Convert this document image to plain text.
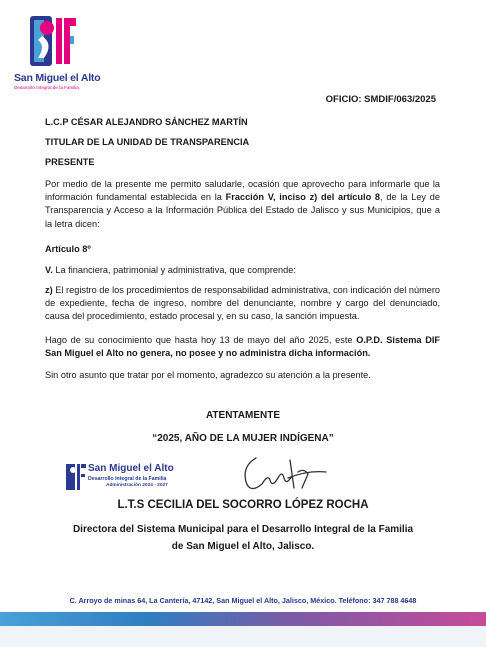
San Miguel el Alto
Desarrollo Integral de la Familia
OFICIO: SMDIF/063/2025
L.C.P CÉSAR ALEJANDRO SÁNCHEZ MARTÍN
TITULAR DE LA UNIDAD DE TRANSPARENCIA
PRESENTE

Por medio de la presente me permito saludarle, ocasión que aprovecho para informarle que la información fundamental establecida en la Fracción V, inciso z) del artículo 8, de la Ley de Transparencia y Acceso a la Información Pública del Estado de Jalisco y sus Municipios, que a la letra dicen:

Artículo 8º

V. La financiera, patrimonial y administrativa, que comprende:

z) El registro de los procedimientos de responsabilidad administrativa, con indicación del número de expediente, fecha de ingreso, nombre del denunciante, nombre y cargo del denunciado, causa del procedimiento, estado procesal y, en su caso, la sanción impuesta.

Hago de su conocimiento que hasta hoy 13 de mayo del año 2025, este O.P.D. Sistema DIF San Miguel el Alto no genera, no posee y no administra dicha información.

Sin otro asunto que tratar por el momento, agradezco su atención a la presente.
ATENTAMENTE
“2025, AÑO DE LA MUJER INDÍGENA”
San Miguel el Alto
Desarrollo Integral de la Familia
Administración 2024 - 2027
L.T.S CECILIA DEL SOCORRO LÓPEZ ROCHA
Directora del Sistema Municipal para el Desarrollo Integral de la Familia
de San Miguel el Alto, Jalisco.
C. Arroyo de minas 64, La Cantería, 47142, San Miguel el Alto, Jalisco, México. Teléfono: 347 788 4648
